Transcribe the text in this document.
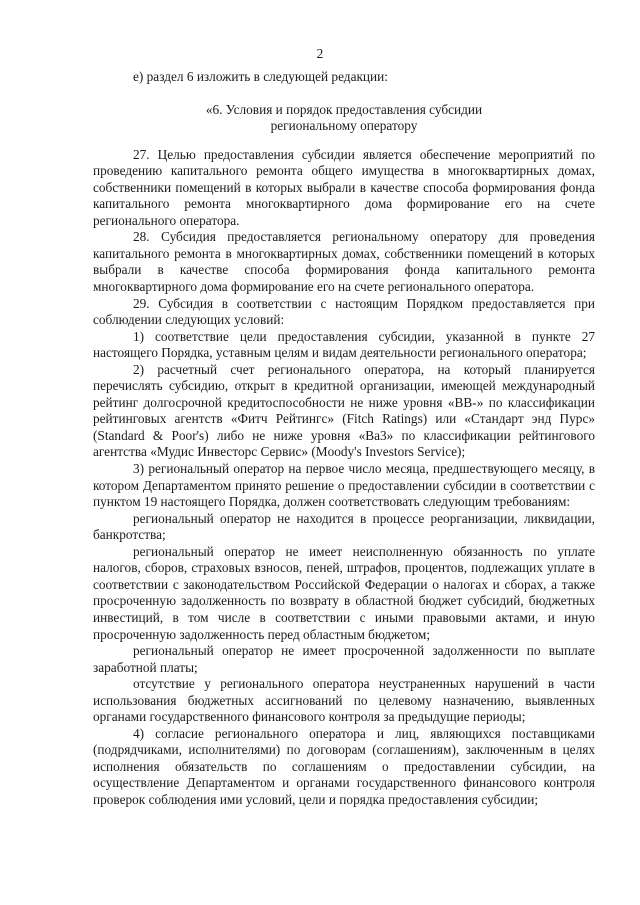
2

е) раздел 6 изложить в следующей редакции:

«6. Условия и порядок предоставления субсидии

региональному оператору

27. Целью предоставления субсидии является обеспечение мероприятий по проведению капитального ремонта общего имущества в многоквартирных домах, собственники помещений в которых выбрали в качестве способа формирования фонда капитального ремонта многоквартирного дома формирование его на счете регионального оператора.

28. Субсидия предоставляется региональному оператору для проведения капитального ремонта в многоквартирных домах, собственники помещений в которых выбрали в качестве способа формирования фонда капитального ремонта многоквартирного дома формирование его на счете регионального оператора.

29. Субсидия в соответствии с настоящим Порядком предоставляется при соблюдении следующих условий:

1) соответствие цели предоставления субсидии, указанной в пункте 27 настоящего Порядка, уставным целям и видам деятельности регионального оператора;

2) расчетный счет регионального оператора, на который планируется перечислять субсидию, открыт в кредитной организации, имеющей международный рейтинг долгосрочной кредитоспособности не ниже уровня «ВВ-» по классификации рейтинговых агентств «Фитч Рейтингс» (Fitch Ratings) или «Стандарт энд Пурс» (Standard & Poor's) либо не ниже уровня «Ва3» по классификации рейтингового агентства «Мудис Инвесторс Сервис» (Moody's Investors Service);

3) региональный оператор на первое число месяца, предшествующего месяцу, в котором Департаментом принято решение о предоставлении субсидии в соответствии с пунктом 19 настоящего Порядка, должен соответствовать следующим требованиям:

региональный оператор не находится в процессе реорганизации, ликвидации, банкротства;

региональный оператор не имеет неисполненную обязанность по уплате налогов, сборов, страховых взносов, пеней, штрафов, процентов, подлежащих уплате в соответствии с законодательством Российской Федерации о налогах и сборах, а также просроченную задолженность по возврату в областной бюджет субсидий, бюджетных инвестиций, в том числе в соответствии с иными правовыми актами, и иную просроченную задолженность перед областным бюджетом;

региональный оператор не имеет просроченной задолженности по выплате заработной платы;

отсутствие у регионального оператора неустраненных нарушений в части использования бюджетных ассигнований по целевому назначению, выявленных органами государственного финансового контроля за предыдущие периоды;

4) согласие регионального оператора и лиц, являющихся поставщиками (подрядчиками, исполнителями) по договорам (соглашениям), заключенным в целях исполнения обязательств по соглашениям о предоставлении субсидии, на осуществление Департаментом и органами государственного финансового контроля проверок соблюдения ими условий, цели и порядка предоставления субсидии;
